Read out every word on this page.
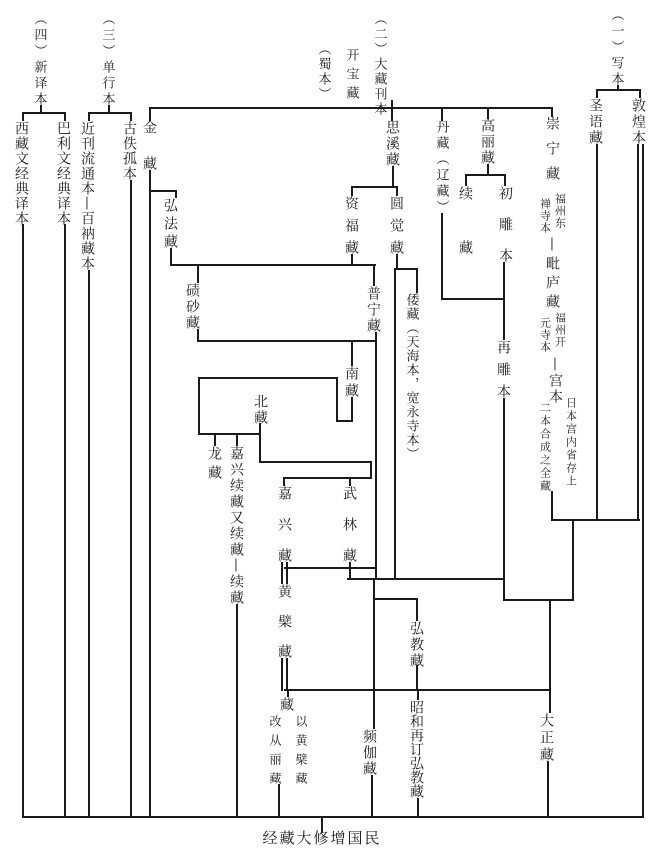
（一）写本
（二）大藏刊本
开宝藏
（蜀本）
（三）单行本
（四）新译本
敦煌本
圣语藏
崇宁藏
福州东
禅寺本
—毗庐藏
福州开
元寺本
—宫本
日本宫内省存上
二本合成之全藏
西藏文经典译本 巴利文经典译本 近刊流通本—百衲藏本 古佚孤本 金藏
弘法藏
碛砂藏
思溪藏
资福藏 圆觉藏
普宁藏 倭藏（天海本，宽永寺本）
南藏
北藏
龙藏 嘉兴续藏又续藏—续藏 嘉兴藏	武林藏
黄檗藏
丹藏（辽藏） 高丽藏
续藏 初雕本
再雕本
弘教藏
昭和再订弘教藏
频伽藏	大正藏
藏
以黄檗藏
改从丽藏
经藏大修增国民
